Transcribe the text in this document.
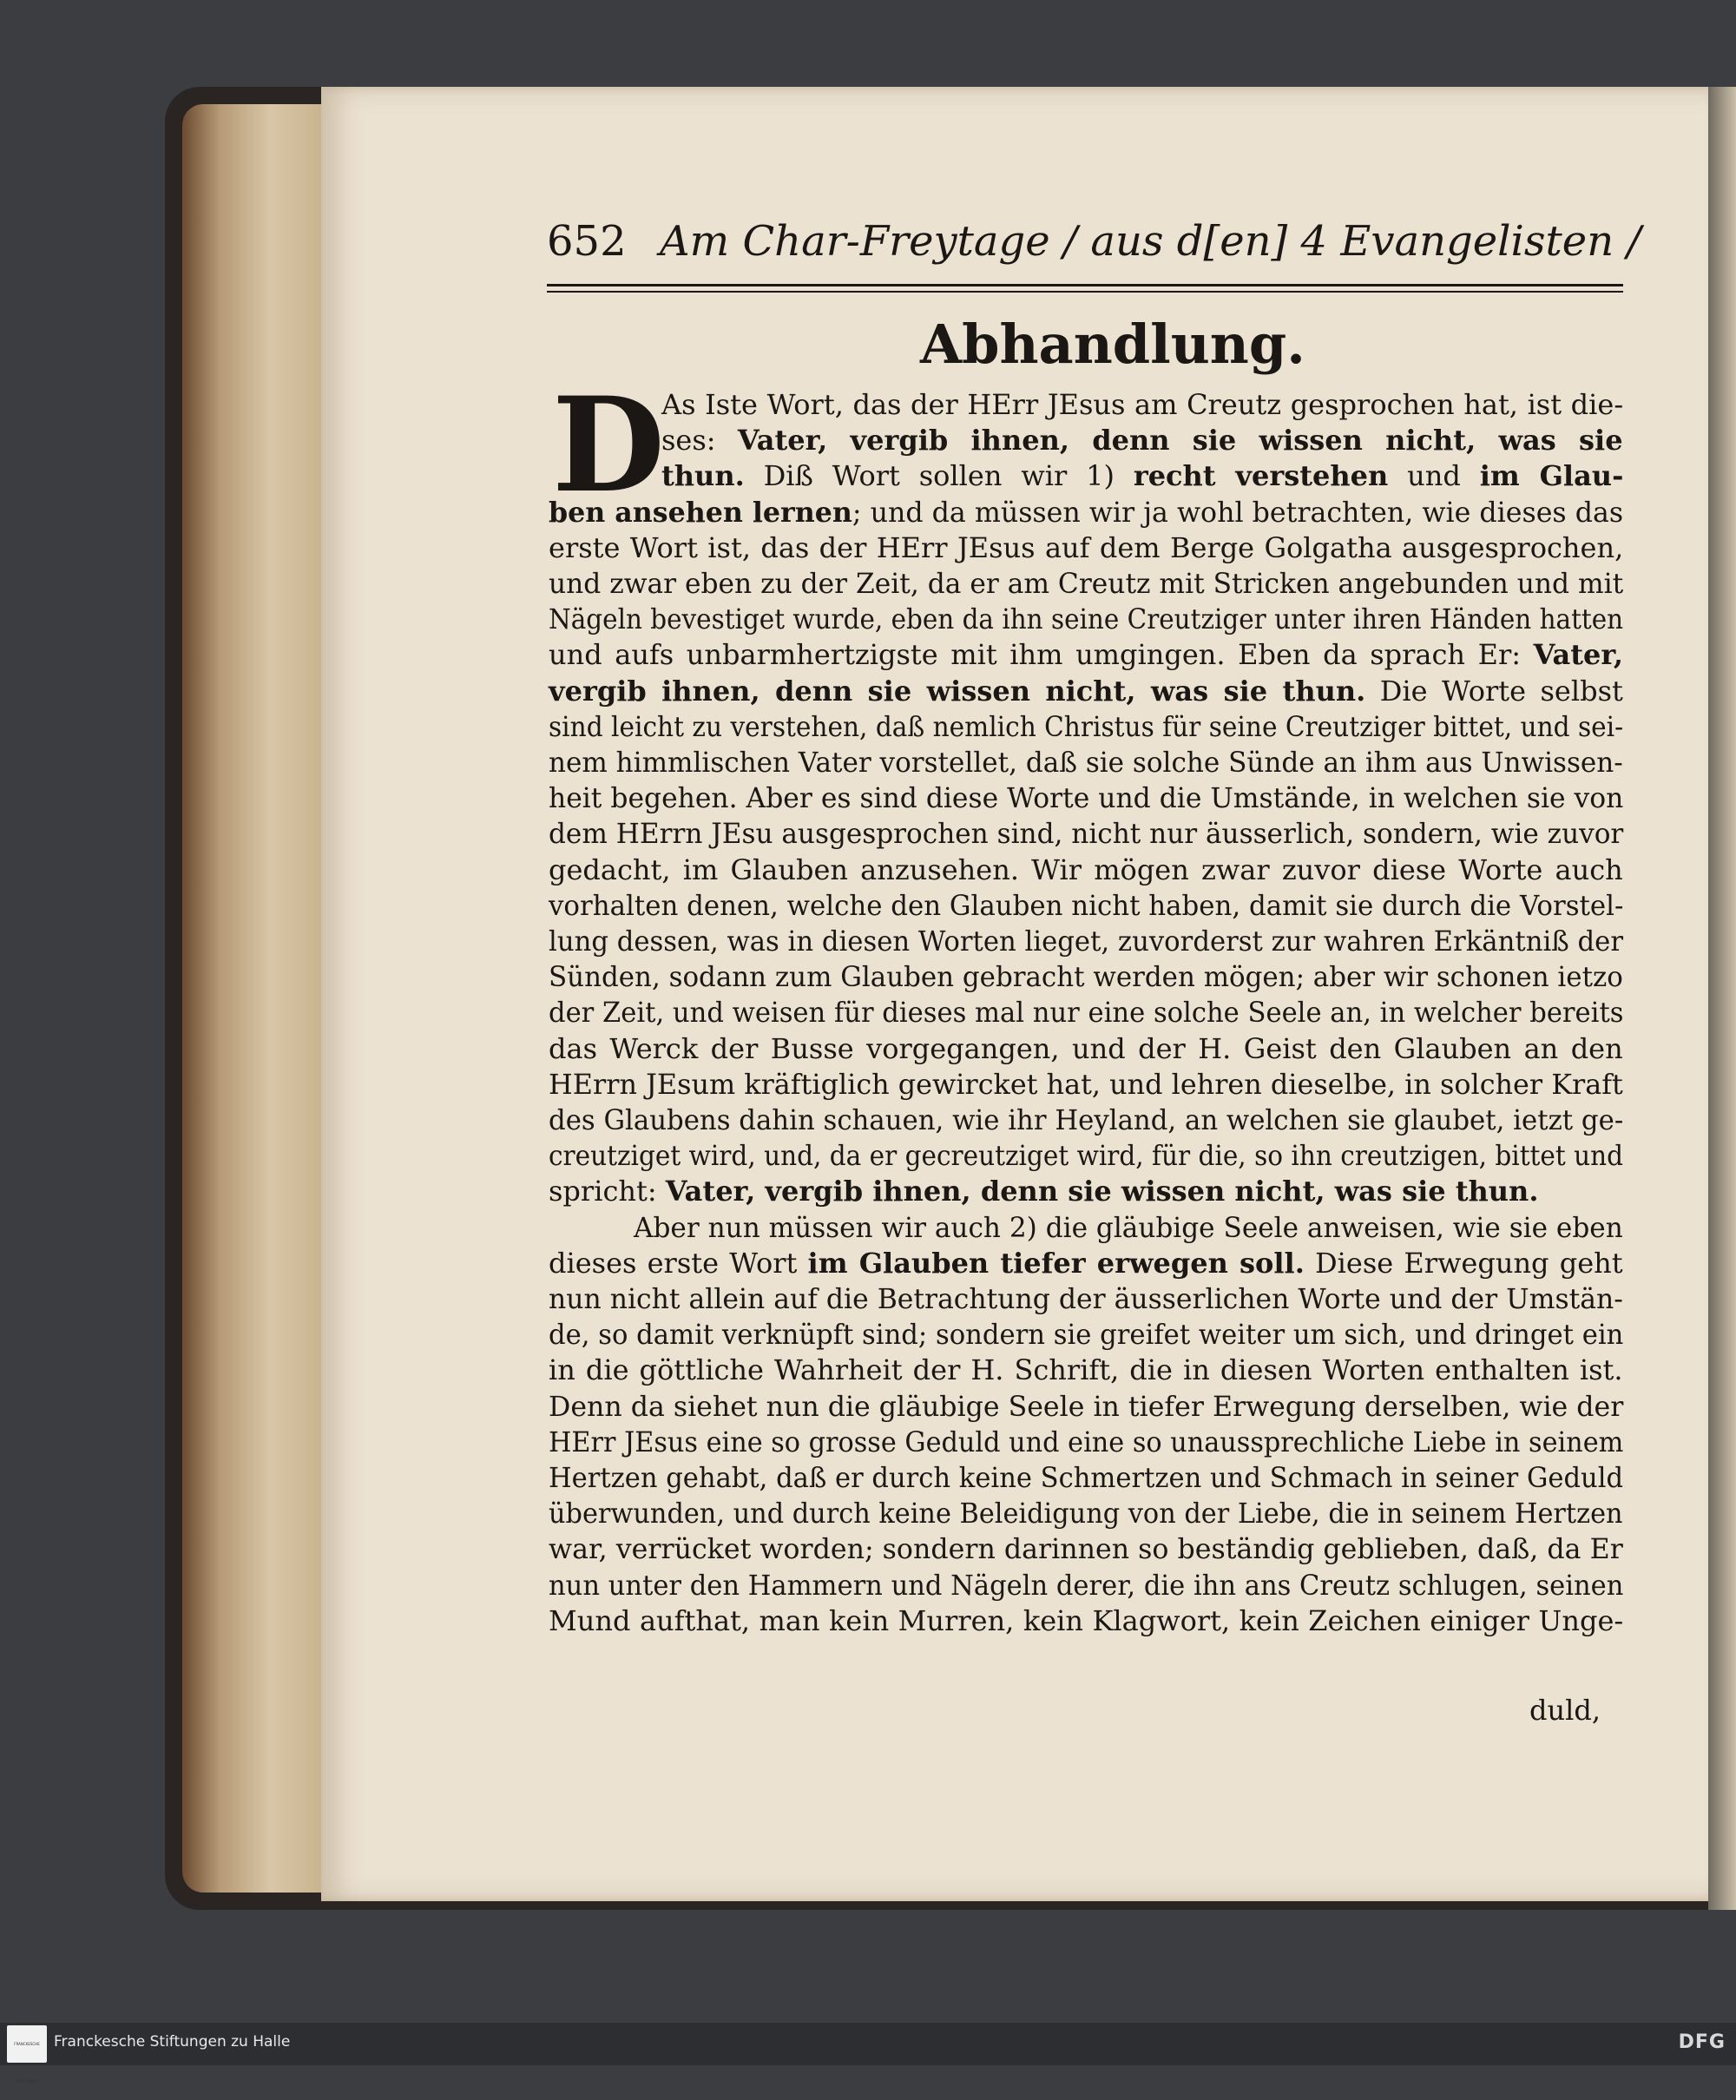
652 Am Char-Freytage / aus d[en] 4 Evangelisten /
Abhandlung.
D
As Iste Wort, das der HErr JEsus am Creutz gesprochen hat, ist die-
ses: Vater, vergib ihnen, denn sie wissen nicht, was sie
thun. Diß Wort sollen wir 1) recht verstehen und im Glau-
ben ansehen lernen; und da müssen wir ja wohl betrachten, wie dieses das
erste Wort ist, das der HErr JEsus auf dem Berge Golgatha ausgesprochen,
und zwar eben zu der Zeit, da er am Creutz mit Stricken angebunden und mit
Nägeln bevestiget wurde, eben da ihn seine Creutziger unter ihren Händen hatten
und aufs unbarmhertzigste mit ihm umgingen. Eben da sprach Er: Vater,
vergib ihnen, denn sie wissen nicht, was sie thun. Die Worte selbst
sind leicht zu verstehen, daß nemlich Christus für seine Creutziger bittet, und sei-
nem himmlischen Vater vorstellet, daß sie solche Sünde an ihm aus Unwissen-
heit begehen. Aber es sind diese Worte und die Umstände, in welchen sie von
dem HErrn JEsu ausgesprochen sind, nicht nur äusserlich, sondern, wie zuvor
gedacht, im Glauben anzusehen. Wir mögen zwar zuvor diese Worte auch
vorhalten denen, welche den Glauben nicht haben, damit sie durch die Vorstel-
lung dessen, was in diesen Worten lieget, zuvorderst zur wahren Erkäntniß der
Sünden, sodann zum Glauben gebracht werden mögen; aber wir schonen ietzo
der Zeit, und weisen für dieses mal nur eine solche Seele an, in welcher bereits
das Werck der Busse vorgegangen, und der H. Geist den Glauben an den
HErrn JEsum kräftiglich gewircket hat, und lehren dieselbe, in solcher Kraft
des Glaubens dahin schauen, wie ihr Heyland, an welchen sie glaubet, ietzt ge-
creutziget wird, und, da er gecreutziget wird, für die, so ihn creutzigen, bittet und
spricht: Vater, vergib ihnen, denn sie wissen nicht, was sie thun.
Aber nun müssen wir auch 2) die gläubige Seele anweisen, wie sie eben
dieses erste Wort im Glauben tiefer erwegen soll. Diese Erwegung geht
nun nicht allein auf die Betrachtung der äusserlichen Worte und der Umstän-
de, so damit verknüpft sind; sondern sie greifet weiter um sich, und dringet ein
in die göttliche Wahrheit der H. Schrift, die in diesen Worten enthalten ist.
Denn da siehet nun die gläubige Seele in tiefer Erwegung derselben, wie der
HErr JEsus eine so grosse Geduld und eine so unaussprechliche Liebe in seinem
Hertzen gehabt, daß er durch keine Schmertzen und Schmach in seiner Geduld
überwunden, und durch keine Beleidigung von der Liebe, die in seinem Hertzen
war, verrücket worden; sondern darinnen so beständig geblieben, daß, da Er
nun unter den Hammern und Nägeln derer, die ihn ans Creutz schlugen, seinen
Mund aufthat, man kein Murren, kein Klagwort, kein Zeichen einiger Unge-
duld,
FRANCKESCHE STIFTUNGEN
Franckesche Stiftungen zu Halle	DFG
